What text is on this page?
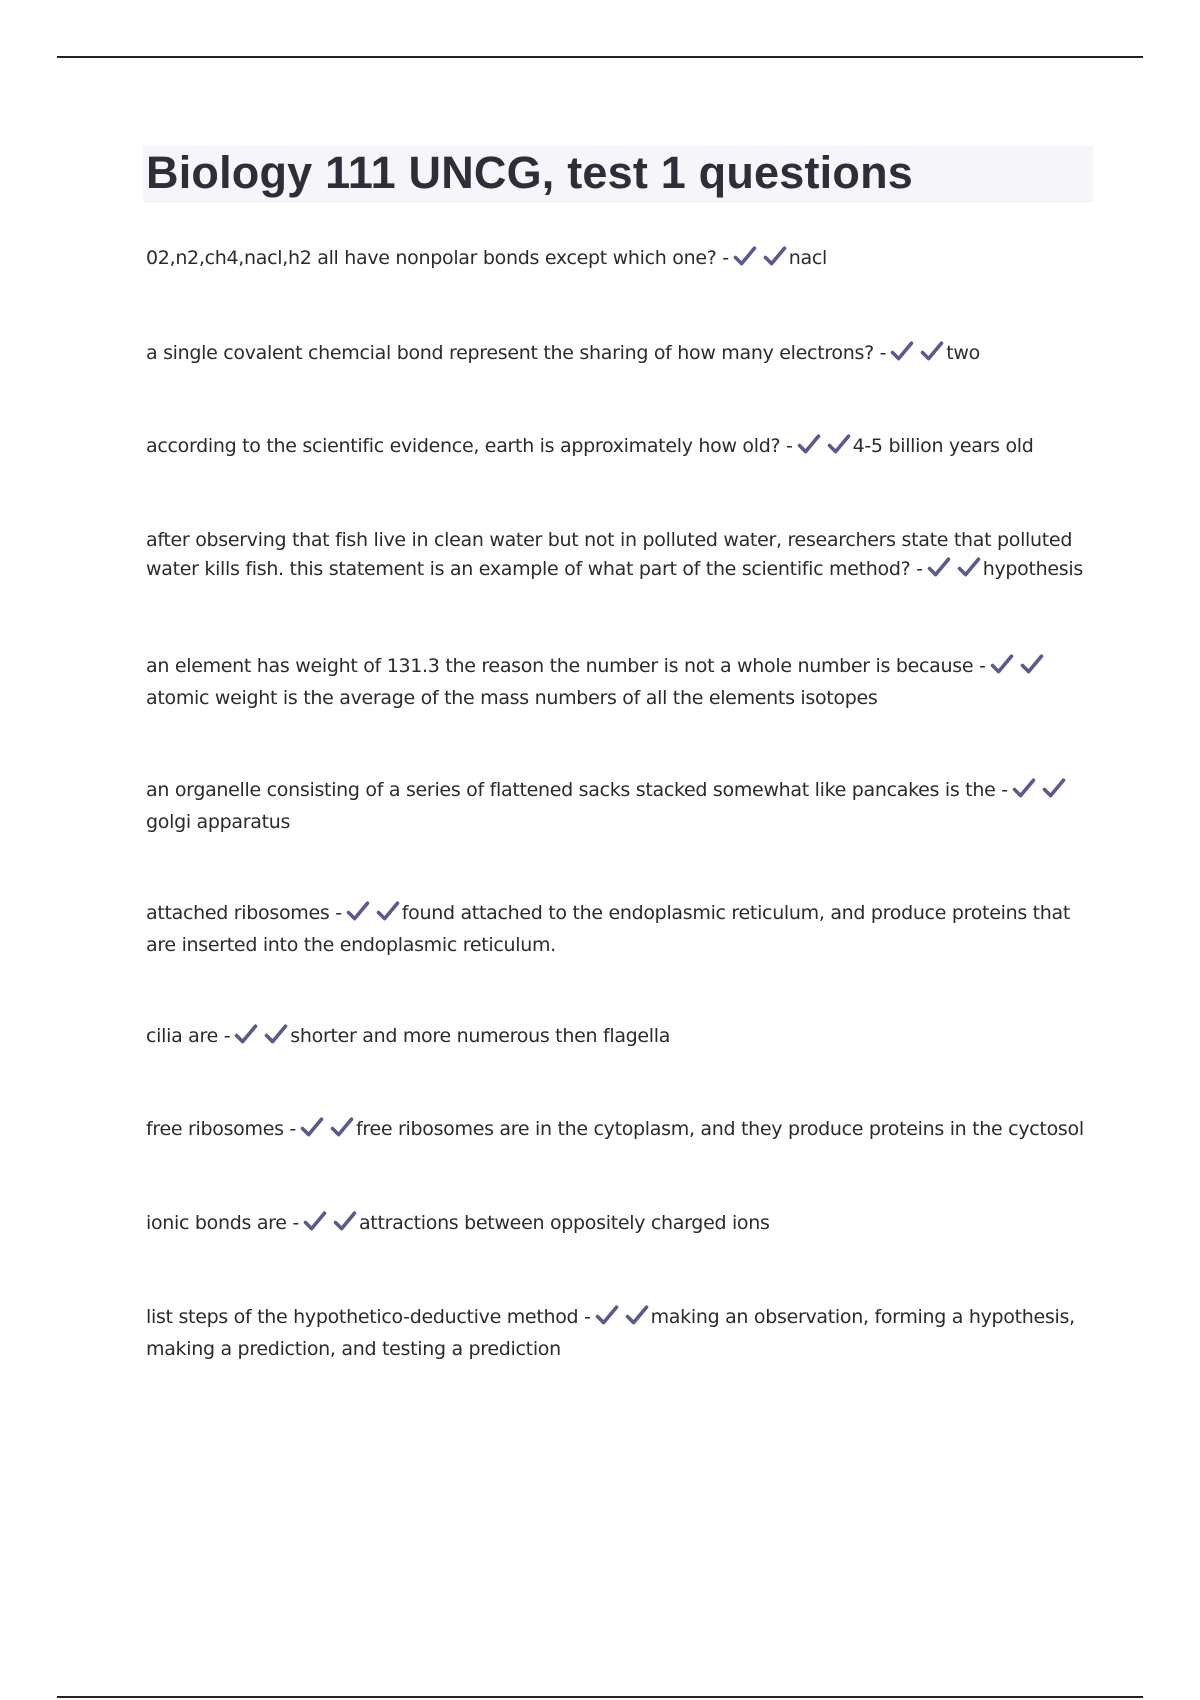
Biology 111 UNCG, test 1 questions

02,n2,ch4,nacl,h2 all have nonpolar bonds except which one? -	nacl

a single covalent chemcial bond represent the sharing of how many electrons? -	two

according to the scientific evidence, earth is approximately how old? -	4-5 billion years old

after observing that fish live in clean water but not in polluted water, researchers state that polluted water kills fish. this statement is an example of what part of the scientific method? -	hypothesis

an element has weight of 131.3 the reason the number is not a whole number is because -
atomic weight is the average of the mass numbers of all the elements isotopes

an organelle consisting of a series of flattened sacks stacked somewhat like pancakes is the -
golgi apparatus

attached ribosomes -	found attached to the endoplasmic reticulum, and produce proteins that are inserted into the endoplasmic reticulum.

cilia are -	shorter and more numerous then flagella

free ribosomes -	free ribosomes are in the cytoplasm, and they produce proteins in the cyctosol

ionic bonds are -	attractions between oppositely charged ions

list steps of the hypothetico-deductive method -	making an observation, forming a hypothesis, making a prediction, and testing a prediction
